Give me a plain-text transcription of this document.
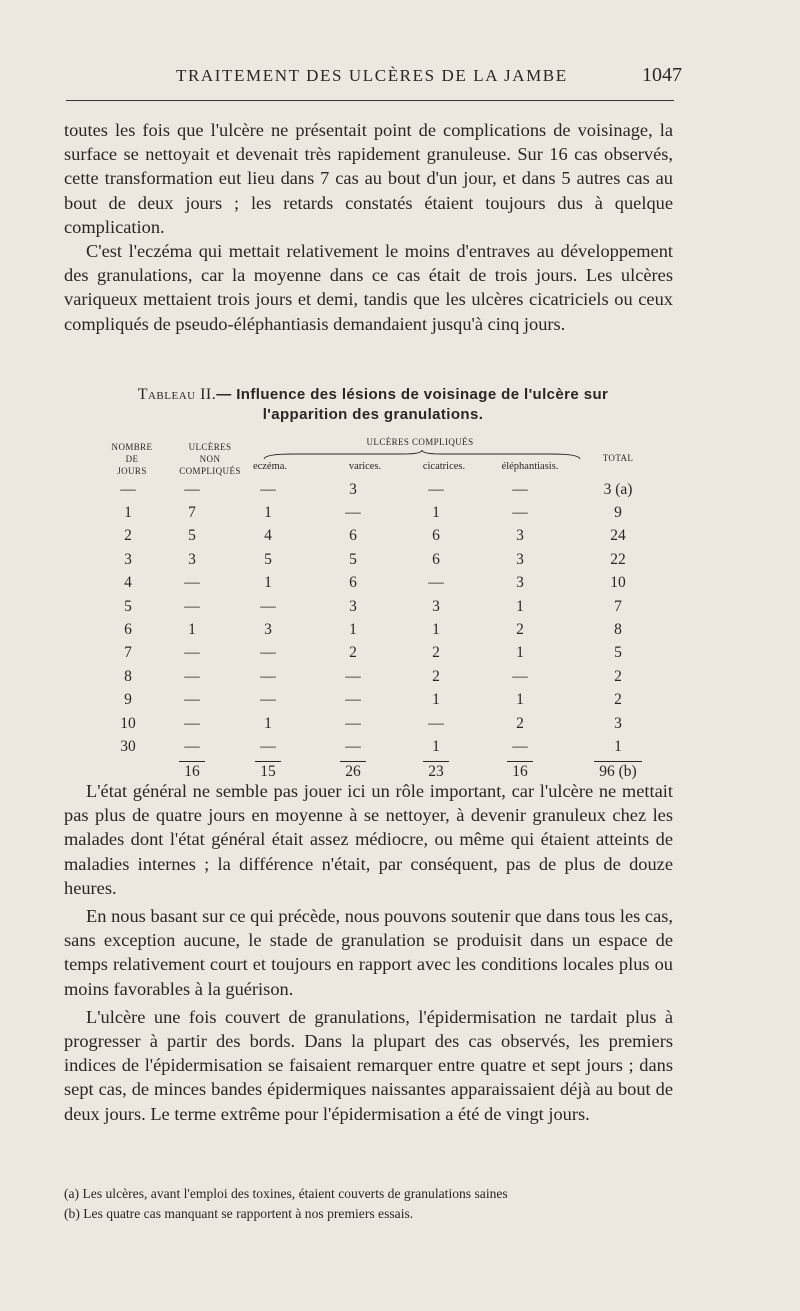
TRAITEMENT DES ULCÈRES DE LA JAMBE	1047

toutes les fois que l'ulcère ne présentait point de complications de voisinage, la surface se nettoyait et devenait très rapidement granuleuse. Sur 16 cas observés, cette transformation eut lieu dans 7 cas au bout d'un jour, et dans 5 autres cas au bout de deux jours ; les retards constatés étaient toujours dus à quelque complication.

C'est l'eczéma qui mettait relativement le moins d'entraves au développement des granulations, car la moyenne dans ce cas était de trois jours. Les ulcères variqueux mettaient trois jours et demi, tandis que les ulcères cicatriciels ou ceux compliqués de pseudo-éléphantiasis demandaient jusqu'à cinq jours.

Tableau II.— Influence des lésions de voisinage de l'ulcère sur
l'apparition des granulations.
NOMBRE
DE
JOURS
ULCÈRES
NON
COMPLIQUÉS
ULCÈRES COMPLIQUÉS
TOTAL
eczéma.	varices.	cicatrices.	éléphantiasis.
—	—	—	3	—	—	3 (a)
1	7	1	—	1	—	9
2	5	4	6	6	3	24
3	3	5	5	6	3	22
4	—	1	6	—	3	10
5	—	—	3	3	1	7
6	1	3	1	1	2	8
7	—	—	2	2	1	5
8	—	—	—	2	—	2
9	—	—	—	1	1	2
10	—	1	—	—	2	3
30	—	—	—	1	—	1
	16	15	26	23	16	96 (b)

L'état général ne semble pas jouer ici un rôle important, car l'ulcère ne mettait pas plus de quatre jours en moyenne à se nettoyer, à devenir granuleux chez les malades dont l'état général était assez médiocre, ou même qui étaient atteints de maladies internes ; la différence n'était, par conséquent, pas de plus de douze heures.

En nous basant sur ce qui précède, nous pouvons soutenir que dans tous les cas, sans exception aucune, le stade de granulation se produisit dans un espace de temps relativement court et toujours en rapport avec les conditions locales plus ou moins favorables à la guérison.

L'ulcère une fois couvert de granulations, l'épidermisation ne tardait plus à progresser à partir des bords. Dans la plupart des cas observés, les premiers indices de l'épidermisation se faisaient remarquer entre quatre et sept jours ; dans sept cas, de minces bandes épidermiques naissantes apparaissaient déjà au bout de deux jours. Le terme extrême pour l'épidermisation a été de vingt jours.

(a) Les ulcères, avant l'emploi des toxines, étaient couverts de granulations saines

(b) Les quatre cas manquant se rapportent à nos premiers essais.
